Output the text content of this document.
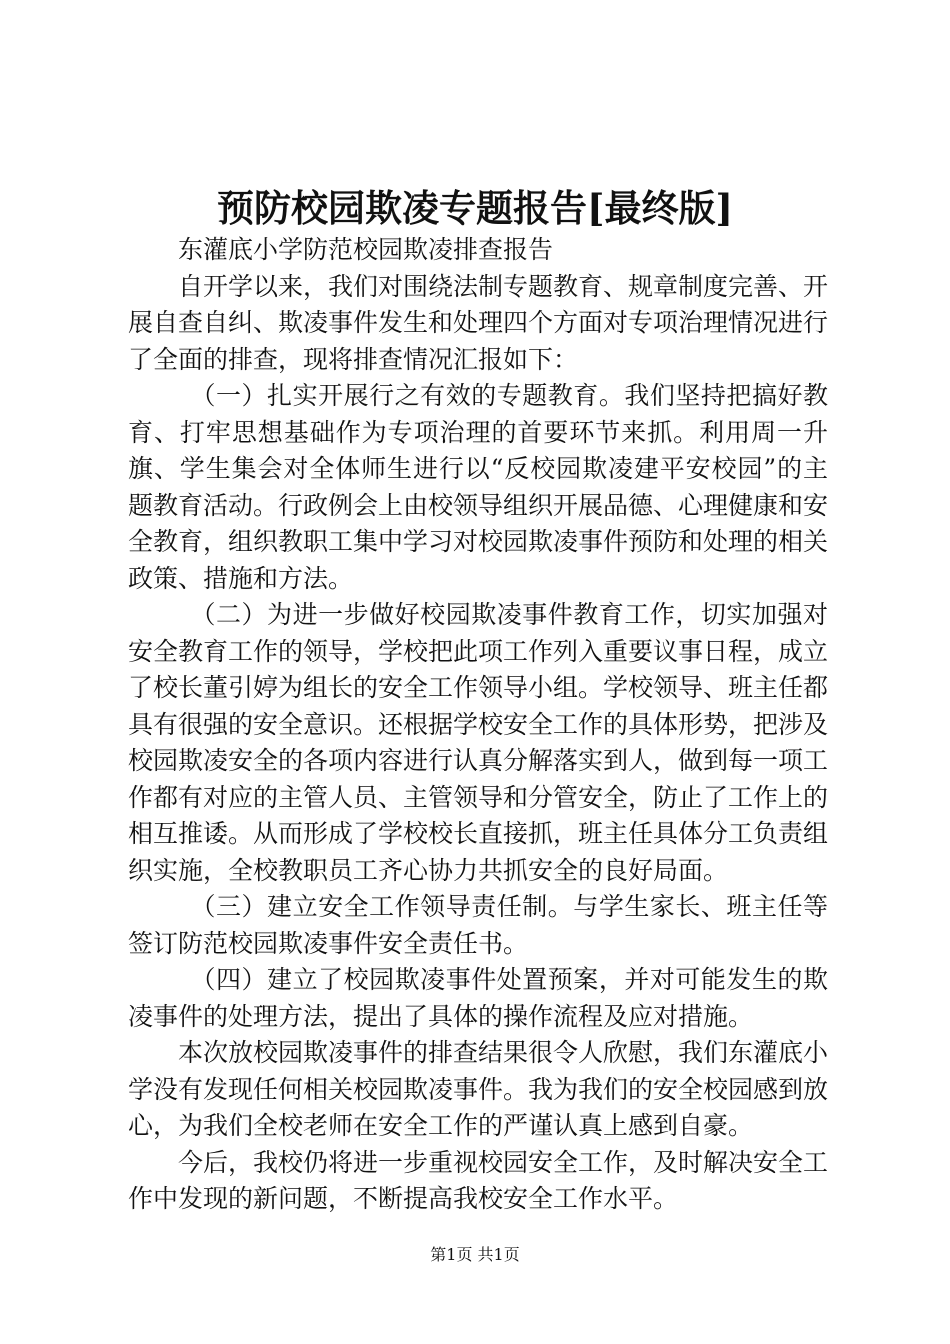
预防校园欺凌专题报告[最终版]

东灌底小学防范校园欺凌排查报告

自开学以来，我们对围绕法制专题教育、规章制度完善、开展自查自纠、欺凌事件发生和处理四个方面对专项治理情况进行了全面的排查，现将排查情况汇报如下：

（一）扎实开展行之有效的专题教育。我们坚持把搞好教育、打牢思想基础作为专项治理的首要环节来抓。利用周一升旗、学生集会对全体师生进行以“反校园欺凌建平安校园”的主题教育活动。行政例会上由校领导组织开展品德、心理健康和安全教育，组织教职工集中学习对校园欺凌事件预防和处理的相关政策、措施和方法。

（二）为进一步做好校园欺凌事件教育工作，切实加强对安全教育工作的领导，学校把此项工作列入重要议事日程，成立了校长董引婷为组长的安全工作领导小组。学校领导、班主任都具有很强的安全意识。还根据学校安全工作的具体形势，把涉及校园欺凌安全的各项内容进行认真分解落实到人，做到每一项工作都有对应的主管人员、主管领导和分管安全，防止了工作上的相互推诿。从而形成了学校校长直接抓，班主任具体分工负责组织实施，全校教职员工齐心协力共抓安全的良好局面。

（三）建立安全工作领导责任制。与学生家长、班主任等签订防范校园欺凌事件安全责任书。

（四）建立了校园欺凌事件处置预案，并对可能发生的欺凌事件的处理方法，提出了具体的操作流程及应对措施。

本次放校园欺凌事件的排查结果很令人欣慰，我们东灌底小学没有发现任何相关校园欺凌事件。我为我们的安全校园感到放心，为我们全校老师在安全工作的严谨认真上感到自豪。

今后，我校仍将进一步重视校园安全工作，及时解决安全工作中发现的新问题，不断提高我校安全工作水平。

第1页 共1页
